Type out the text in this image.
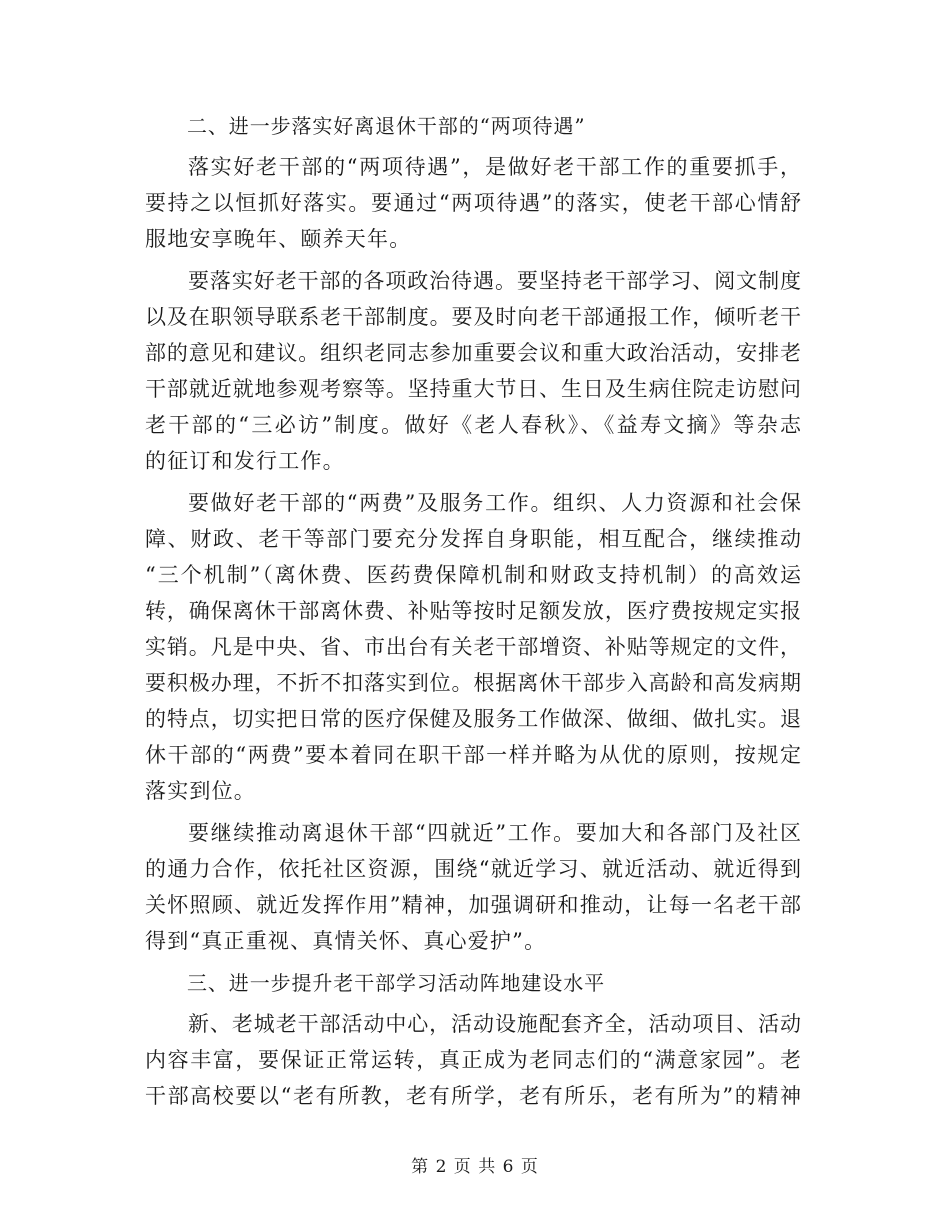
二、进一步落实好离退休干部的“两项待遇”
落实好老干部的“两项待遇”，是做好老干部工作的重要抓手，
要持之以恒抓好落实。要通过“两项待遇”的落实，使老干部心情舒
服地安享晚年、颐养天年。
要落实好老干部的各项政治待遇。要坚持老干部学习、阅文制度
以及在职领导联系老干部制度。要及时向老干部通报工作，倾听老干
部的意见和建议。组织老同志参加重要会议和重大政治活动，安排老
干部就近就地参观考察等。坚持重大节日、生日及生病住院走访慰问
老干部的“三必访”制度。做好《老人春秋》、《益寿文摘》等杂志
的征订和发行工作。
要做好老干部的“两费”及服务工作。组织、人力资源和社会保
障、财政、老干等部门要充分发挥自身职能，相互配合，继续推动
“三个机制”（离休费、医药费保障机制和财政支持机制）的高效运
转，确保离休干部离休费、补贴等按时足额发放，医疗费按规定实报
实销。凡是中央、省、市出台有关老干部增资、补贴等规定的文件，
要积极办理，不折不扣落实到位。根据离休干部步入高龄和高发病期
的特点，切实把日常的医疗保健及服务工作做深、做细、做扎实。退
休干部的“两费”要本着同在职干部一样并略为从优的原则，按规定
落实到位。
要继续推动离退休干部“四就近”工作。要加大和各部门及社区
的通力合作，依托社区资源，围绕“就近学习、就近活动、就近得到
关怀照顾、就近发挥作用”精神，加强调研和推动，让每一名老干部
得到“真正重视、真情关怀、真心爱护”。
三、进一步提升老干部学习活动阵地建设水平
新、老城老干部活动中心，活动设施配套齐全，活动项目、活动
内容丰富，要保证正常运转，真正成为老同志们的“满意家园”。老
干部高校要以“老有所教，老有所学，老有所乐，老有所为”的精神
第 2 页 共 6 页
